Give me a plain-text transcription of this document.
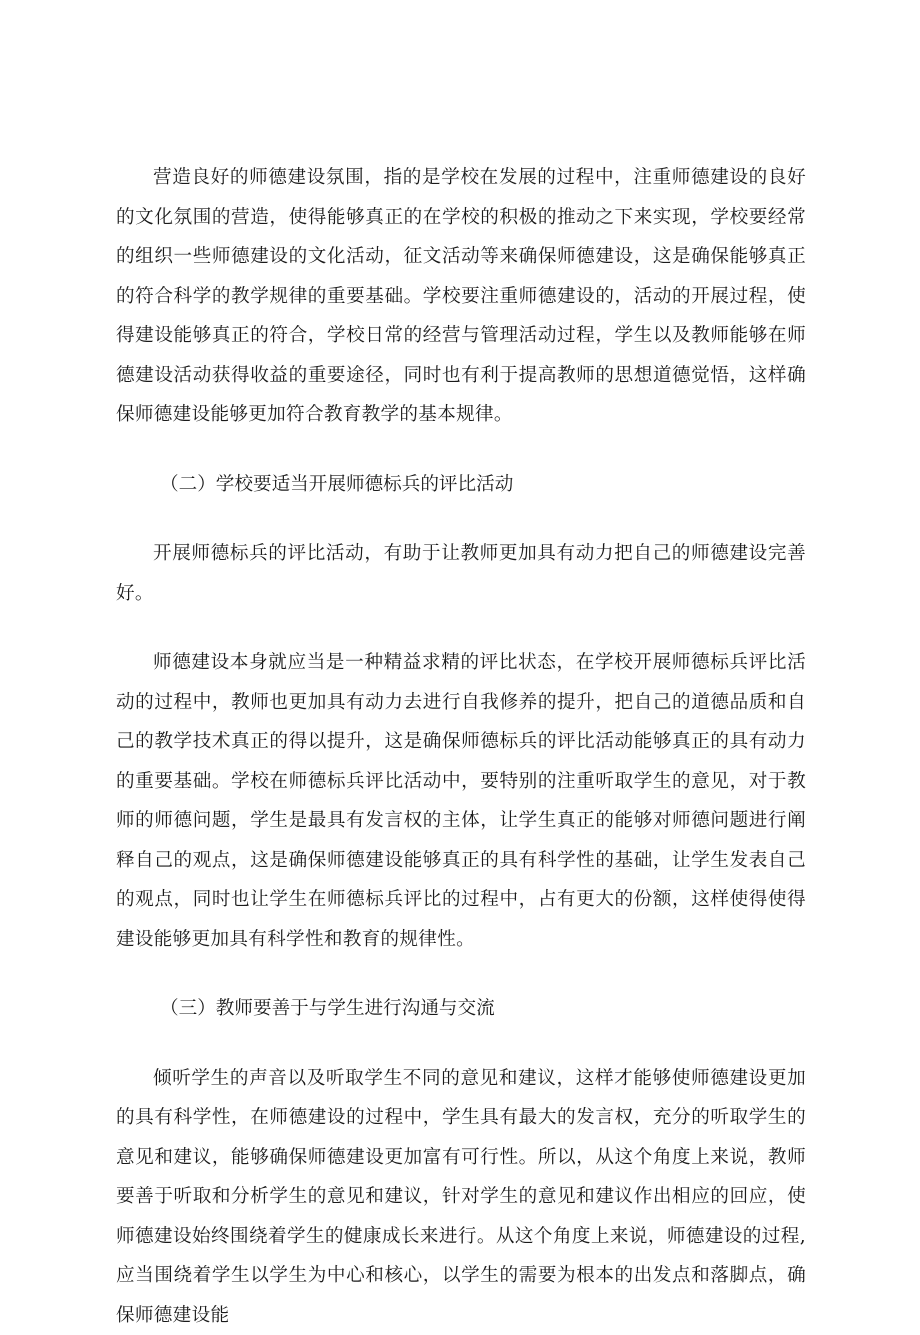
营造良好的师德建设氛围，指的是学校在发展的过程中，注重师德建设的良好的文化氛围的营造，使得能够真正的在学校的积极的推动之下来实现，学校要经常的组织一些师德建设的文化活动，征文活动等来确保师德建设，这是确保能够真正的符合科学的教学规律的重要基础。学校要注重师德建设的，活动的开展过程，使得建设能够真正的符合，学校日常的经营与管理活动过程，学生以及教师能够在师德建设活动获得收益的重要途径，同时也有利于提高教师的思想道德觉悟，这样确保师德建设能够更加符合教育教学的基本规律。

（二）学校要适当开展师德标兵的评比活动

开展师德标兵的评比活动，有助于让教师更加具有动力把自己的师德建设完善好。

师德建设本身就应当是一种精益求精的评比状态，在学校开展师德标兵评比活动的过程中，教师也更加具有动力去进行自我修养的提升，把自己的道德品质和自己的教学技术真正的得以提升，这是确保师德标兵的评比活动能够真正的具有动力的重要基础。学校在师德标兵评比活动中，要特别的注重听取学生的意见，对于教师的师德问题，学生是最具有发言权的主体，让学生真正的能够对师德问题进行阐释自己的观点，这是确保师德建设能够真正的具有科学性的基础，让学生发表自己的观点，同时也让学生在师德标兵评比的过程中，占有更大的份额，这样使得使得建设能够更加具有科学性和教育的规律性。

（三）教师要善于与学生进行沟通与交流

倾听学生的声音以及听取学生不同的意见和建议，这样才能够使师德建设更加的具有科学性，在师德建设的过程中，学生具有最大的发言权，充分的听取学生的意见和建议，能够确保师德建设更加富有可行性。所以，从这个角度上来说，教师要善于听取和分析学生的意见和建议，针对学生的意见和建议作出相应的回应，使师德建设始终围绕着学生的健康成长来进行。从这个角度上来说，师德建设的过程,应当围绕着学生以学生为中心和核心，以学生的需要为根本的出发点和落脚点，确保师德建设能
